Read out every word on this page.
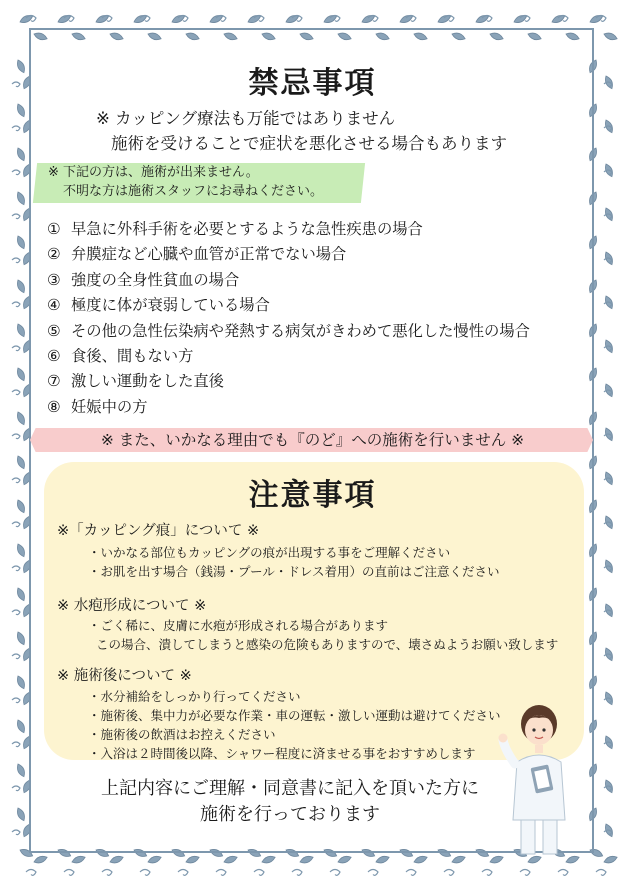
禁忌事項
※ カッピング療法も万能ではありません
施術を受けることで症状を悪化させる場合もあります
※ 下記の方は、施術が出来ません。
不明な方は施術スタッフにお尋ねください。
① 早急に外科手術を必要とするような急性疾患の場合
② 弁膜症など心臓や血管が正常でない場合
③ 強度の全身性貧血の場合
④ 極度に体が衰弱している場合
⑤ その他の急性伝染病や発熱する病気がきわめて悪化した慢性の場合
⑥ 食後、間もない方
⑦ 激しい運動をした直後
⑧ 妊娠中の方
※ また、いかなる理由でも『のど』への施術を行いません ※
注意事項
※「カッピング痕」について ※
・いかなる部位もカッピングの痕が出現する事をご理解ください
・お肌を出す場合（銭湯・プール・ドレス着用）の直前はご注意ください
※ 水疱形成について ※
・ごく稀に、皮膚に水疱が形成される場合があります
この場合、潰してしまうと感染の危険もありますので、壊さぬようお願い致します
※ 施術後について ※
・水分補給をしっかり行ってください
・施術後、集中力が必要な作業・車の運転・激しい運動は避けてください
・施術後の飲酒はお控えください
・入浴は２時間後以降、シャワー程度に済ませる事をおすすめします
上記内容にご理解・同意書に記入を頂いた方に
施術を行っております
